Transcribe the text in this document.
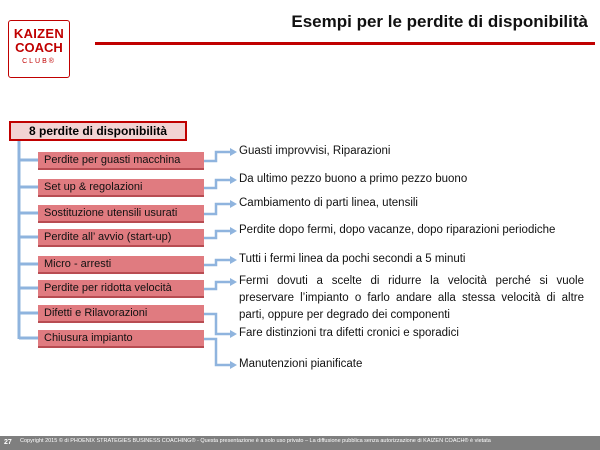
Esempi per le perdite di disponibilità
KAIZEN
COACH
CLUB®
8 perdite di disponibilità
Perdite per guasti macchina
Set up & regolazioni
Sostituzione utensili usurati
Perdite all’ avvio (start-up)
Micro - arresti
Perdite per ridotta velocità
Difetti e Rilavorazioni
Chiusura impianto
Guasti improvvisi, Riparazioni
Da ultimo pezzo buono a primo pezzo buono
Cambiamento di parti linea, utensili
Perdite dopo fermi, dopo vacanze, dopo riparazioni periodiche
Tutti i fermi linea da pochi secondi a 5 minuti
Fermi dovuti a scelte di ridurre la velocità perché si vuole preservare l’impianto o farlo andare alla stessa velocità di altre parti, oppure per degrado dei componenti
Fare distinzioni tra difetti cronici e sporadici
Manutenzioni pianificate
27 Copyright 2015 © di PHOENIX STRATEGIES BUSINESS COACHING® - Questa presentazione è a solo uso privato – La diffusione pubblica senza autorizzazione di KAIZEN COACH® è vietata
